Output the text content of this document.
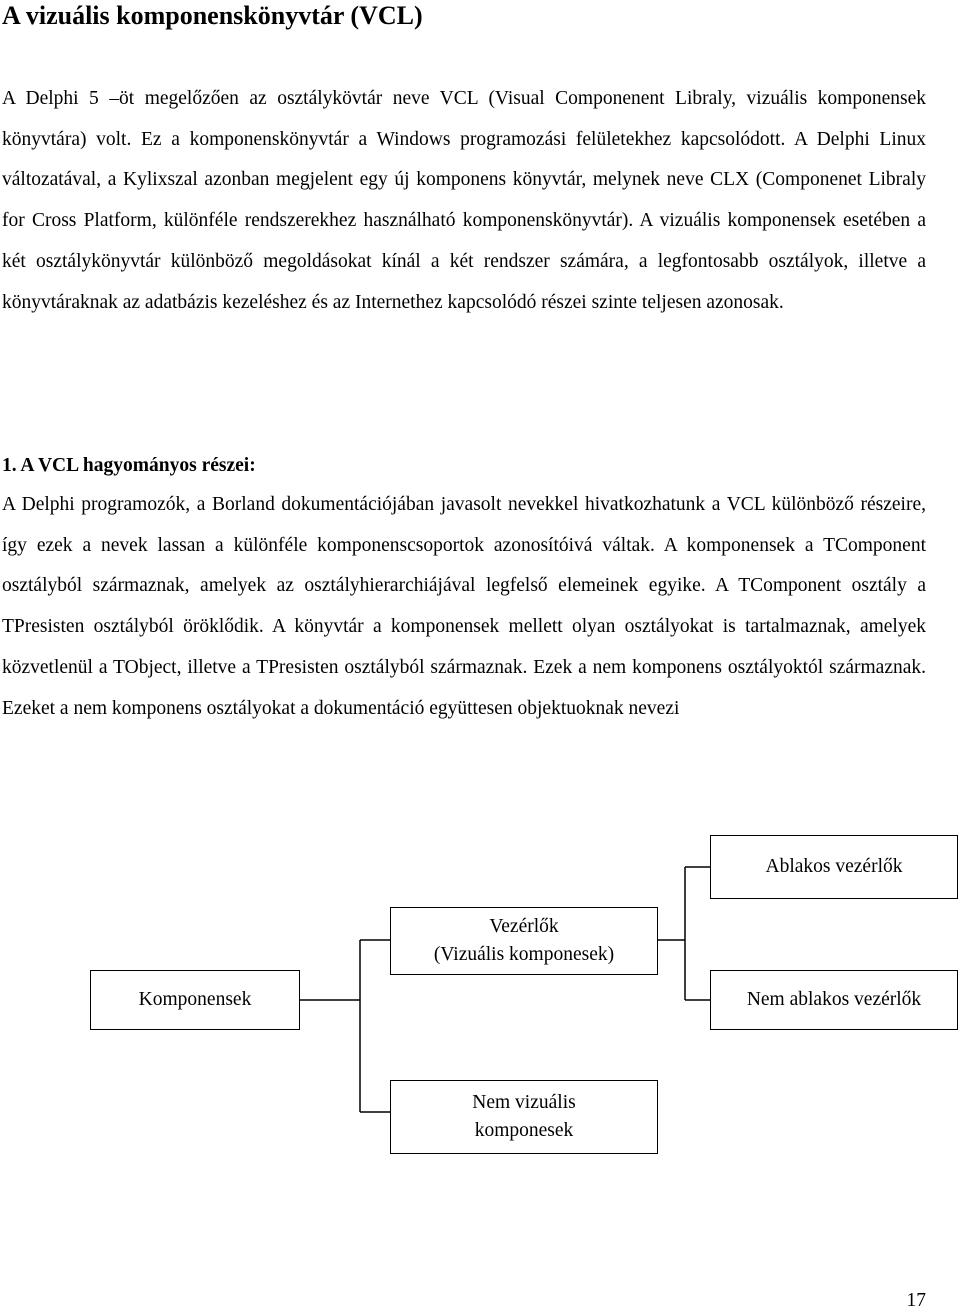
A vizuális komponenskönyvtár (VCL)

A Delphi 5 –öt megelőzően az osztálykövtár neve VCL (Visual Componenent Libraly, vizuális komponensek könyvtára) volt. Ez a komponenskönyvtár a Windows programozási felületekhez kapcsolódott. A Delphi Linux változatával, a Kylixszal azonban megjelent egy új komponens könyvtár, melynek neve CLX (Componenet Libraly for Cross Platform, különféle rendszerekhez használható komponenskönyvtár). A vizuális komponensek esetében a két osztálykönyvtár különböző megoldásokat kínál a két rendszer számára, a legfontosabb osztályok, illetve a könyvtáraknak az adatbázis kezeléshez és az Internethez kapcsolódó részei szinte teljesen azonosak.

1. A VCL hagyományos részei:

A Delphi programozók, a Borland dokumentációjában javasolt nevekkel hivatkozhatunk a VCL különböző részeire, így ezek a nevek lassan a különféle komponenscsoportok azonosítóivá váltak. A komponensek a TComponent osztályból származnak, amelyek az osztályhierarchiájával legfelső elemeinek egyike. A TComponent osztály a TPresisten osztályból öröklődik. A könyvtár a komponensek mellett olyan osztályokat is tartalmaznak, amelyek közvetlenül a TObject, illetve a TPresisten osztályból származnak. Ezek a nem komponens osztályoktól származnak. Ezeket a nem komponens osztályokat a dokumentáció együttesen objektuoknak nevezi

Komponensek
Vezérlők
(Vizuális komponesek)
Nem vizuális
komponesek
Ablakos vezérlők
Nem ablakos vezérlők
17
